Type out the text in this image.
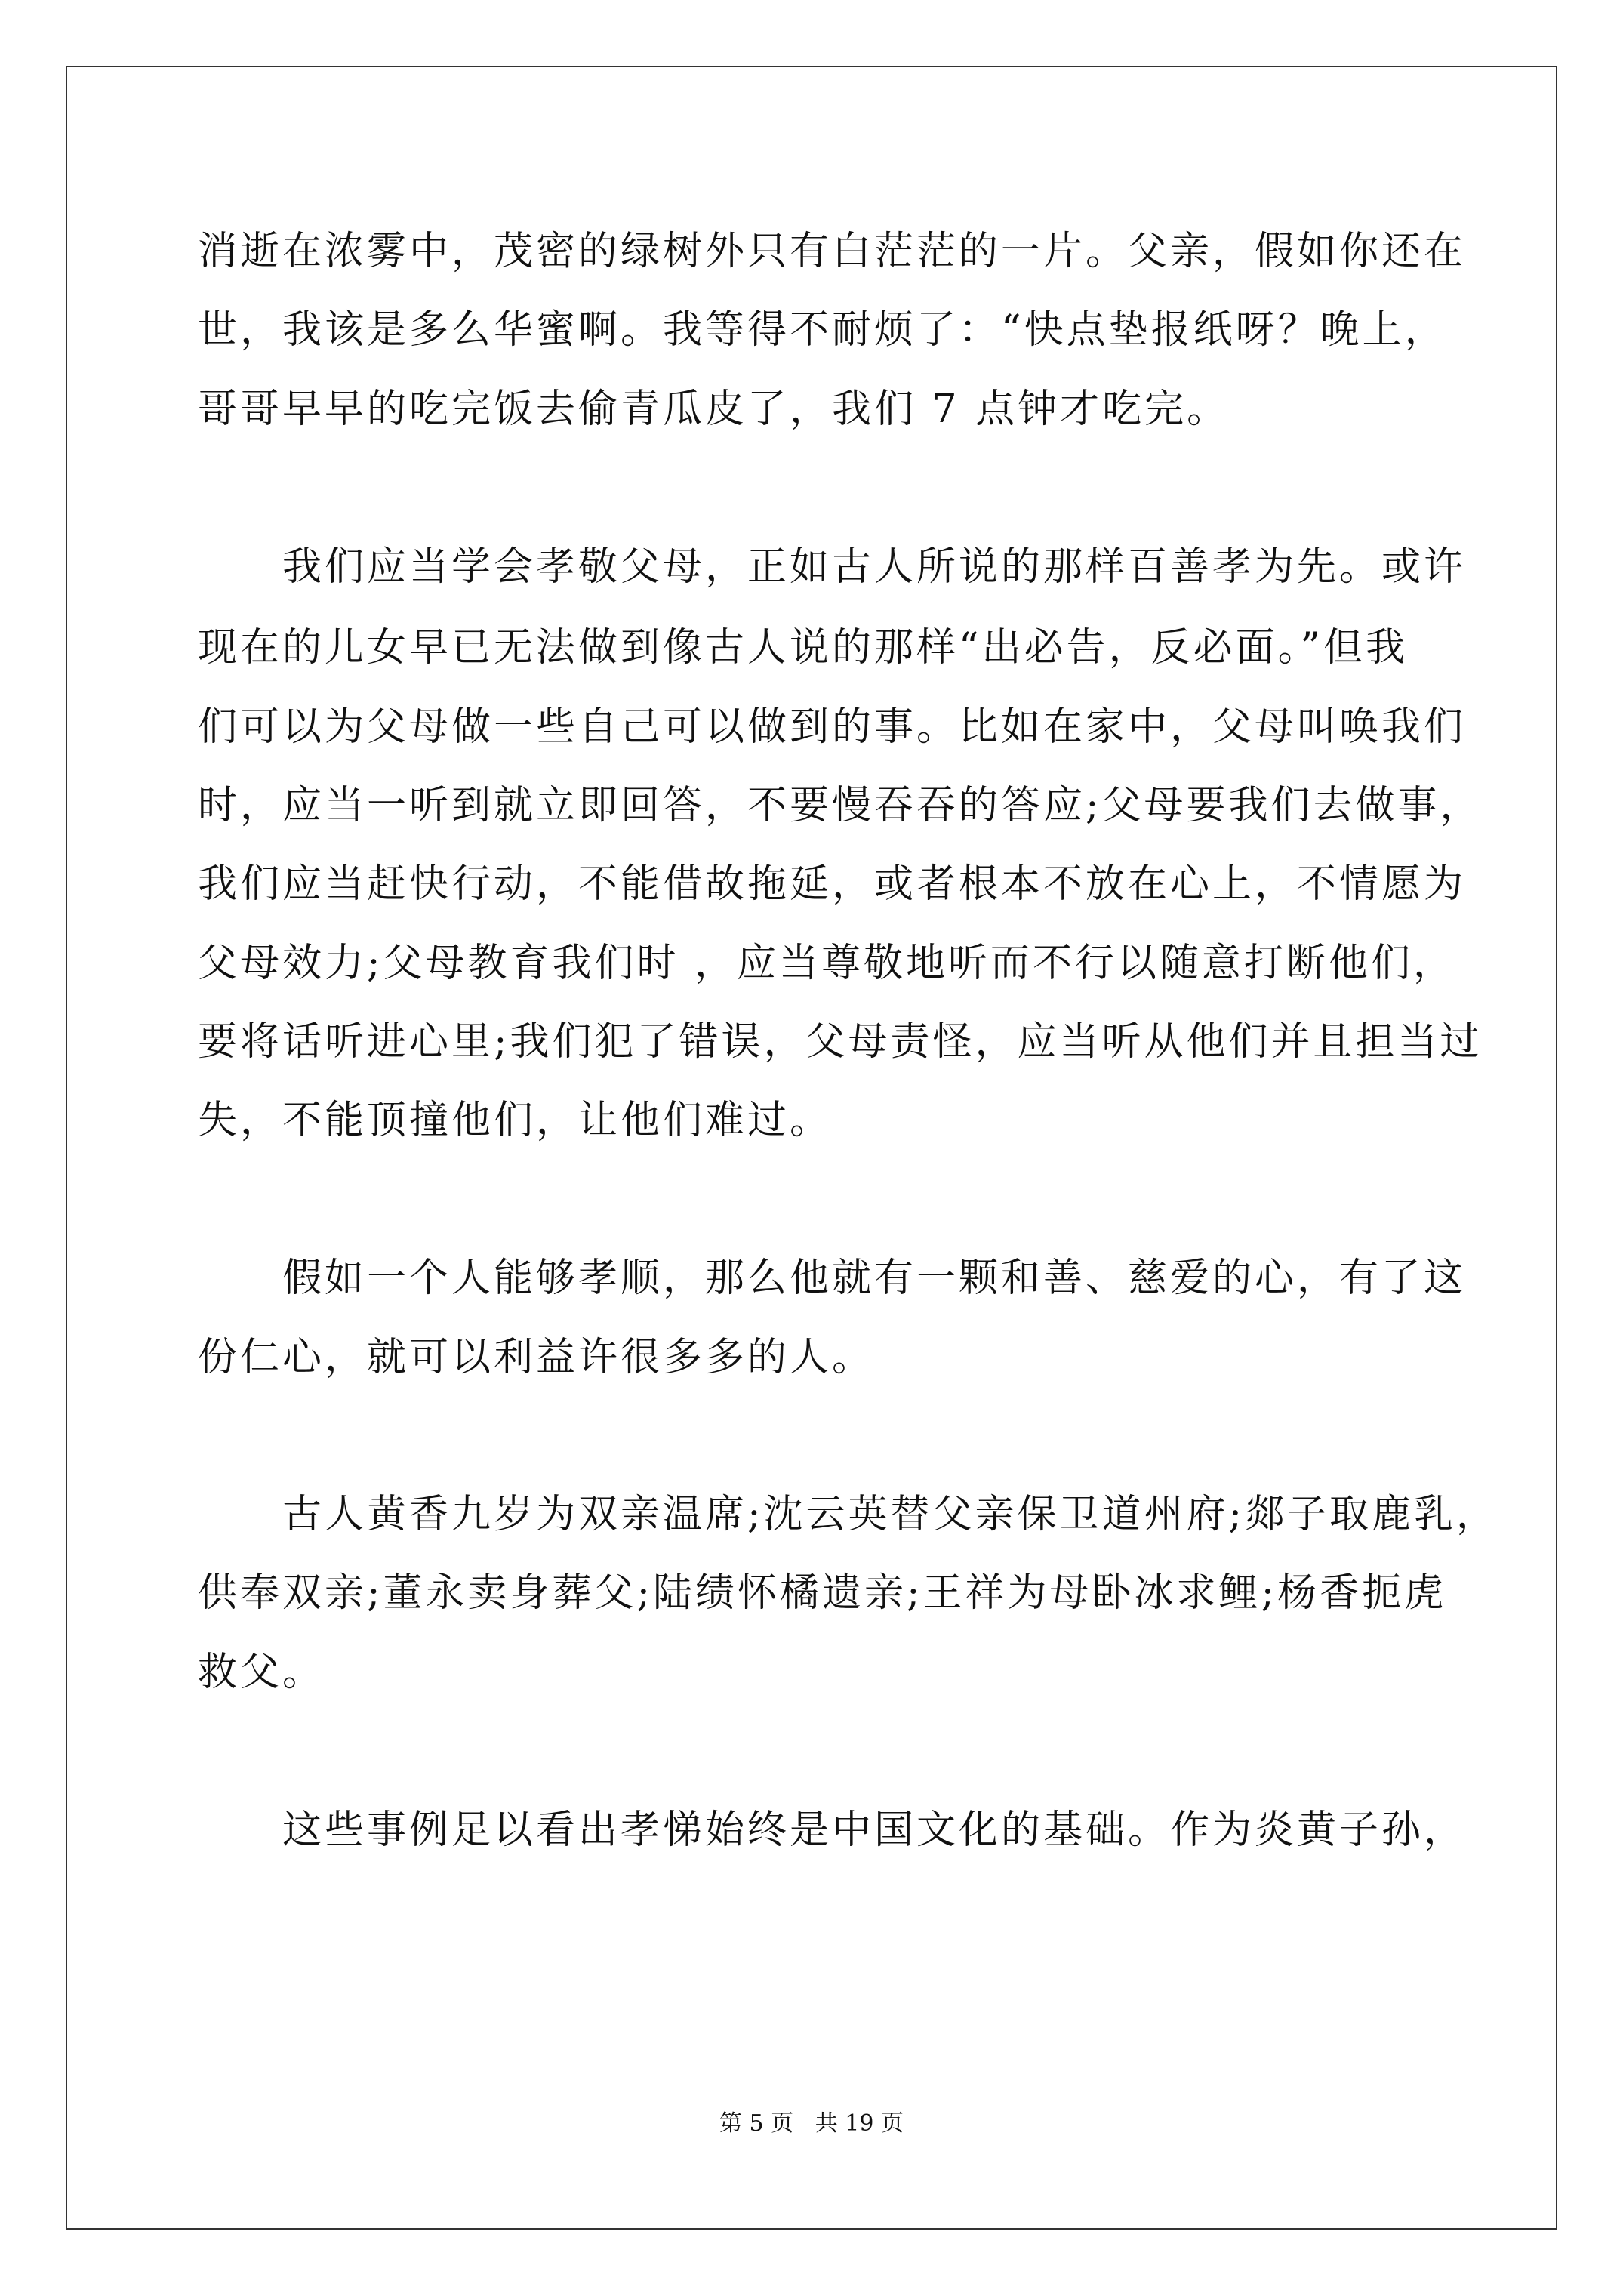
消逝在浓雾中，茂密的绿树外只有白茫茫的一片。父亲，假如你还在
世，我该是多么华蜜啊。我等得不耐烦了：“快点垫报纸呀？晚上，
哥哥早早的吃完饭去偷青瓜皮了，我们 7 点钟才吃完。
　　我们应当学会孝敬父母，正如古人所说的那样百善孝为先。或许
现在的儿女早已无法做到像古人说的那样“出必告，反必面。”但我
们可以为父母做一些自己可以做到的事。比如在家中，父母叫唤我们
时，应当一听到就立即回答，不要慢吞吞的答应;父母要我们去做事，
我们应当赶快行动，不能借故拖延，或者根本不放在心上，不情愿为
父母效力;父母教育我们时 ，应当尊敬地听而不行以随意打断他们，
要将话听进心里;我们犯了错误，父母责怪，应当听从他们并且担当过
失，不能顶撞他们，让他们难过。
　　假如一个人能够孝顺，那么他就有一颗和善、慈爱的心，有了这
份仁心，就可以利益许很多多的人。
　　古人黄香九岁为双亲温席;沈云英替父亲保卫道州府;郯子取鹿乳，
供奉双亲;董永卖身葬父;陆绩怀橘遗亲;王祥为母卧冰求鲤;杨香扼虎
救父。
　　这些事例足以看出孝悌始终是中国文化的基础。作为炎黄子孙，
第 5 页   共 19 页
